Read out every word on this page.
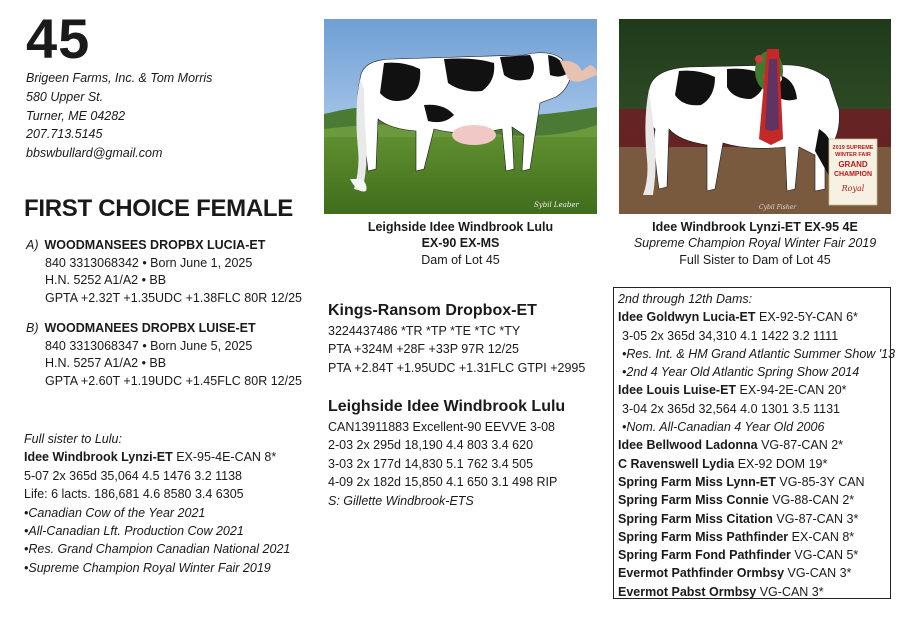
45
Brigeen Farms, Inc. & Tom Morris
580 Upper St.
Turner, ME 04282
207.713.5145
bbswbullard@gmail.com
FIRST CHOICE FEMALE
A) WOODMANSEES DROPBX LUCIA-ET
840 3313068342 • Born June 1, 2025
H.N. 5252 A1/A2 • BB
GPTA +2.32T +1.35UDC +1.38FLC 80R 12/25
B) WOODMANEES DROPBX LUISE-ET
840 3313068347 • Born June 5, 2025
H.N. 5257 A1/A2 • BB
GPTA +2.60T +1.19UDC +1.45FLC 80R 12/25
Full sister to Lulu:
Idee Windbrook Lynzi-ET EX-95-4E-CAN 8*
5-07 2x 365d 35,064 4.5 1476 3.2 1138
Life: 6 lacts. 186,681 4.6 8580 3.4 6305
•Canadian Cow of the Year 2021
•All-Canadian Lft. Production Cow 2021
•Res. Grand Champion Canadian National 2021
•Supreme Champion Royal Winter Fair 2019
Sybil Leaber
Leighside Idee Windbrook Lulu
EX-90 EX-MS
Dam of Lot 45
2019 SUPREME
WINTER FAIR
GRAND
CHAMPION
Royal
Cybil Fisher
Idee Windbrook Lynzi-ET EX-95 4E
Supreme Champion Royal Winter Fair 2019
Full Sister to Dam of Lot 45
Kings-Ransom Dropbox-ET
3224437486 *TR *TP *TE *TC *TY
PTA +324M +28F +33P 97R 12/25
PTA +2.84T +1.95UDC +1.31FLC GTPI +2995
Leighside Idee Windbrook Lulu
CAN13911883 Excellent-90 EEVVE 3-08
2-03 2x 295d 18,190 4.4 803 3.4 620
3-03 2x 177d 14,830 5.1 762 3.4 505
4-09 2x 182d 15,850 4.1 650 3.1 498 RIP
S: Gillette Windbrook-ETS
2nd through 12th Dams:
Idee Goldwyn Lucia-ET EX-92-5Y-CAN 6*
3-05 2x 365d 34,310 4.1 1422 3.2 1111
•Res. Int. & HM Grand Atlantic Summer Show '13
•2nd 4 Year Old Atlantic Spring Show 2014
Idee Louis Luise-ET EX-94-2E-CAN 20*
3-04 2x 365d 32,564 4.0 1301 3.5 1131
•Nom. All-Canadian 4 Year Old 2006
Idee Bellwood Ladonna VG-87-CAN 2*
C Ravenswell Lydia EX-92 DOM 19*
Spring Farm Miss Lynn-ET VG-85-3Y CAN
Spring Farm Miss Connie VG-88-CAN 2*
Spring Farm Miss Citation VG-87-CAN 3*
Spring Farm Miss Pathfinder EX-CAN 8*
Spring Farm Fond Pathfinder VG-CAN 5*
Evermot Pathfinder Ormbsy VG-CAN 3*
Evermot Pabst Ormbsy VG-CAN 3*
